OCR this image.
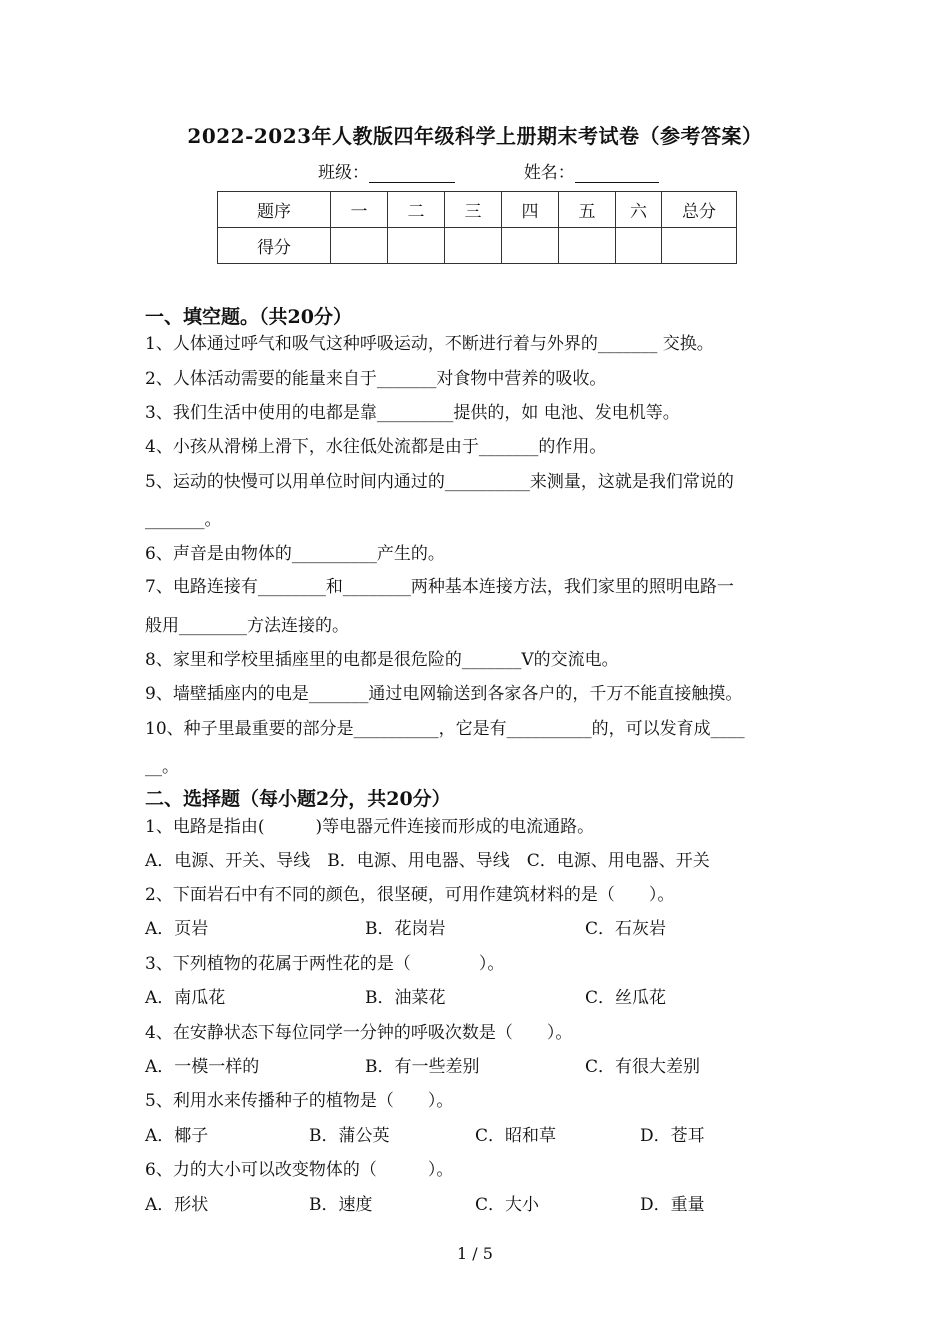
2022-2023年人教版四年级科学上册期末考试卷（参考答案）
班级：	姓名：
题序	一	二	三	四	五	六	总分
得分							
一、填空题。（共20分）
1、人体通过呼气和吸气这种呼吸运动，不断进行着与外界的_______ 交换。
2、人体活动需要的能量来自于_______对食物中营养的吸收。
3、我们生活中使用的电都是靠_________提供的，如 电池、发电机等。
4、小孩从滑梯上滑下，水往低处流都是由于_______的作用。
5、运动的快慢可以用单位时间内通过的__________来测量，这就是我们常说的
_______。
6、声音是由物体的__________产生的。
7、电路连接有________和________两种基本连接方法，我们家里的照明电路一
般用________方法连接的。
8、家里和学校里插座里的电都是很危险的_______V的交流电。
9、墙壁插座内的电是_______通过电网输送到各家各户的，千万不能直接触摸。
10、种子里最重要的部分是__________，它是有__________的，可以发育成____
__。
二、选择题（每小题2分，共20分）
1、电路是指由(　　　)等电器元件连接而形成的电流通路。
A．电源、开关、导线　B．电源、用电器、导线　C．电源、用电器、开关
2、下面岩石中有不同的颜色，很坚硬，可用作建筑材料的是（　　）。
A．页岩	B．花岗岩	C．石灰岩
3、下列植物的花属于两性花的是（　　　　）。
A．南瓜花	B．油菜花	C．丝瓜花
4、在安静状态下每位同学一分钟的呼吸次数是（　　）。
A．一模一样的	B．有一些差别	C．有很大差别
5、利用水来传播种子的植物是（　　）。
A．椰子	B．蒲公英	C．昭和草	D．苍耳
6、力的大小可以改变物体的（　　　）。
A．形状	B．速度	C．大小	D．重量
1 / 5
